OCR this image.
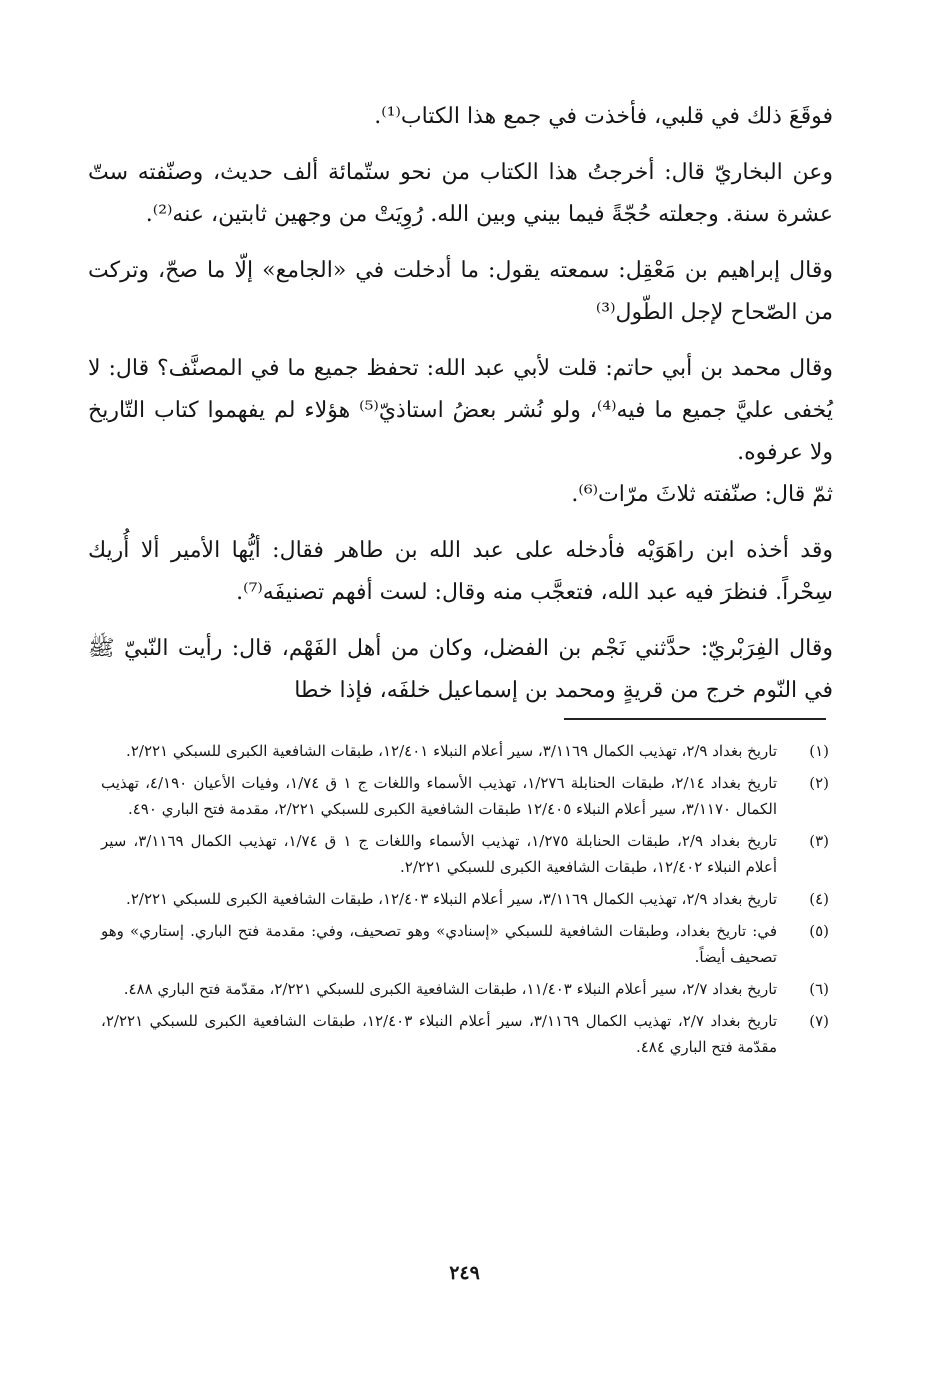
فوقَعَ ذلك في قلبي، فأخذت في جمع هذا الكتاب⁽¹⁾.

وعن البخاريّ قال: أخرجتُ هذا الكتاب من نحو ستّمائة ألف حديث، وصنّفته ستّ عشرة سنة. وجعلته حُجّةً فيما بيني وبين الله. رُوِيَتْ من وجهين ثابتين، عنه⁽²⁾.

وقال إبراهيم بن مَعْقِل: سمعته يقول: ما أدخلت في «الجامع» إلّا ما صحّ، وتركت من الصّحاح لإجل الطّول⁽³⁾

وقال محمد بن أبي حاتم: قلت لأبي عبد الله: تحفظ جميع ما في المصنَّف؟ قال: لا يُخفى عليَّ جميع ما فيه⁽⁴⁾، ولو نُشر بعضُ استاذيّ⁽⁵⁾ هؤلاء لم يفهموا كتاب التّاريخ ولا عرفوه.

ثمّ قال: صنّفته ثلاثَ مرّات⁽⁶⁾.

وقد أخذه ابن راهَوَيْه فأدخله على عبد الله بن طاهر فقال: أيُّها الأمير ألا أُريك سِحْراً. فنظرَ فيه عبد الله، فتعجَّب منه وقال: لست أفهم تصنيفَه⁽⁷⁾.

وقال الفِرَبْريّ: حدَّثني نَجْم بن الفضل، وكان من أهل الفَهْم، قال: رأيت النّبيّ ﷺ في النّوم خرج من قريةٍ ومحمد بن إسماعيل خلفَه، فإذا خطا

(١)
تاريخ بغداد ٢/٩، تهذيب الكمال ٣/١١٦٩، سير أعلام النبلاء ١٢/٤٠١، طبقات الشافعية الكبرى للسبكي ٢/٢٢١.
(٢)
تاريخ بغداد ٢/١٤، طبقات الحنابلة ١/٢٧٦، تهذيب الأسماء واللغات ج ١ ق ١/٧٤، وفيات الأعيان ٤/١٩٠، تهذيب الكمال ٣/١١٧٠، سير أعلام النبلاء ١٢/٤٠٥ طبقات الشافعية الكبرى للسبكي ٢/٢٢١، مقدمة فتح الباري ٤٩٠.
(٣)
تاريخ بغداد ٢/٩، طبقات الحنابلة ١/٢٧٥، تهذيب الأسماء واللغات ج ١ ق ١/٧٤، تهذيب الكمال ٣/١١٦٩، سير أعلام النبلاء ١٢/٤٠٢، طبقات الشافعية الكبرى للسبكي ٢/٢٢١.
(٤)
تاريخ بغداد ٢/٩، تهذيب الكمال ٣/١١٦٩، سير أعلام النبلاء ١٢/٤٠٣، طبقات الشافعية الكبرى للسبكي ٢/٢٢١.
(٥)
في: تاريخ بغداد، وطبقات الشافعية للسبكي «إسنادي» وهو تصحيف، وفي: مقدمة فتح الباري. إستاري» وهو تصحيف أيضاً.
(٦)
تاريخ بغداد ٢/٧، سير أعلام النبلاء ١١/٤٠٣، طبقات الشافعية الكبرى للسبكي ٢/٢٢١، مقدّمة فتح الباري ٤٨٨.
(٧)
تاريخ بغداد ٢/٧، تهذيب الكمال ٣/١١٦٩، سير أعلام النبلاء ١٢/٤٠٣، طبقات الشافعية الكبرى للسبكي ٢/٢٢١، مقدّمة فتح الباري ٤٨٤.
٢٤٩
